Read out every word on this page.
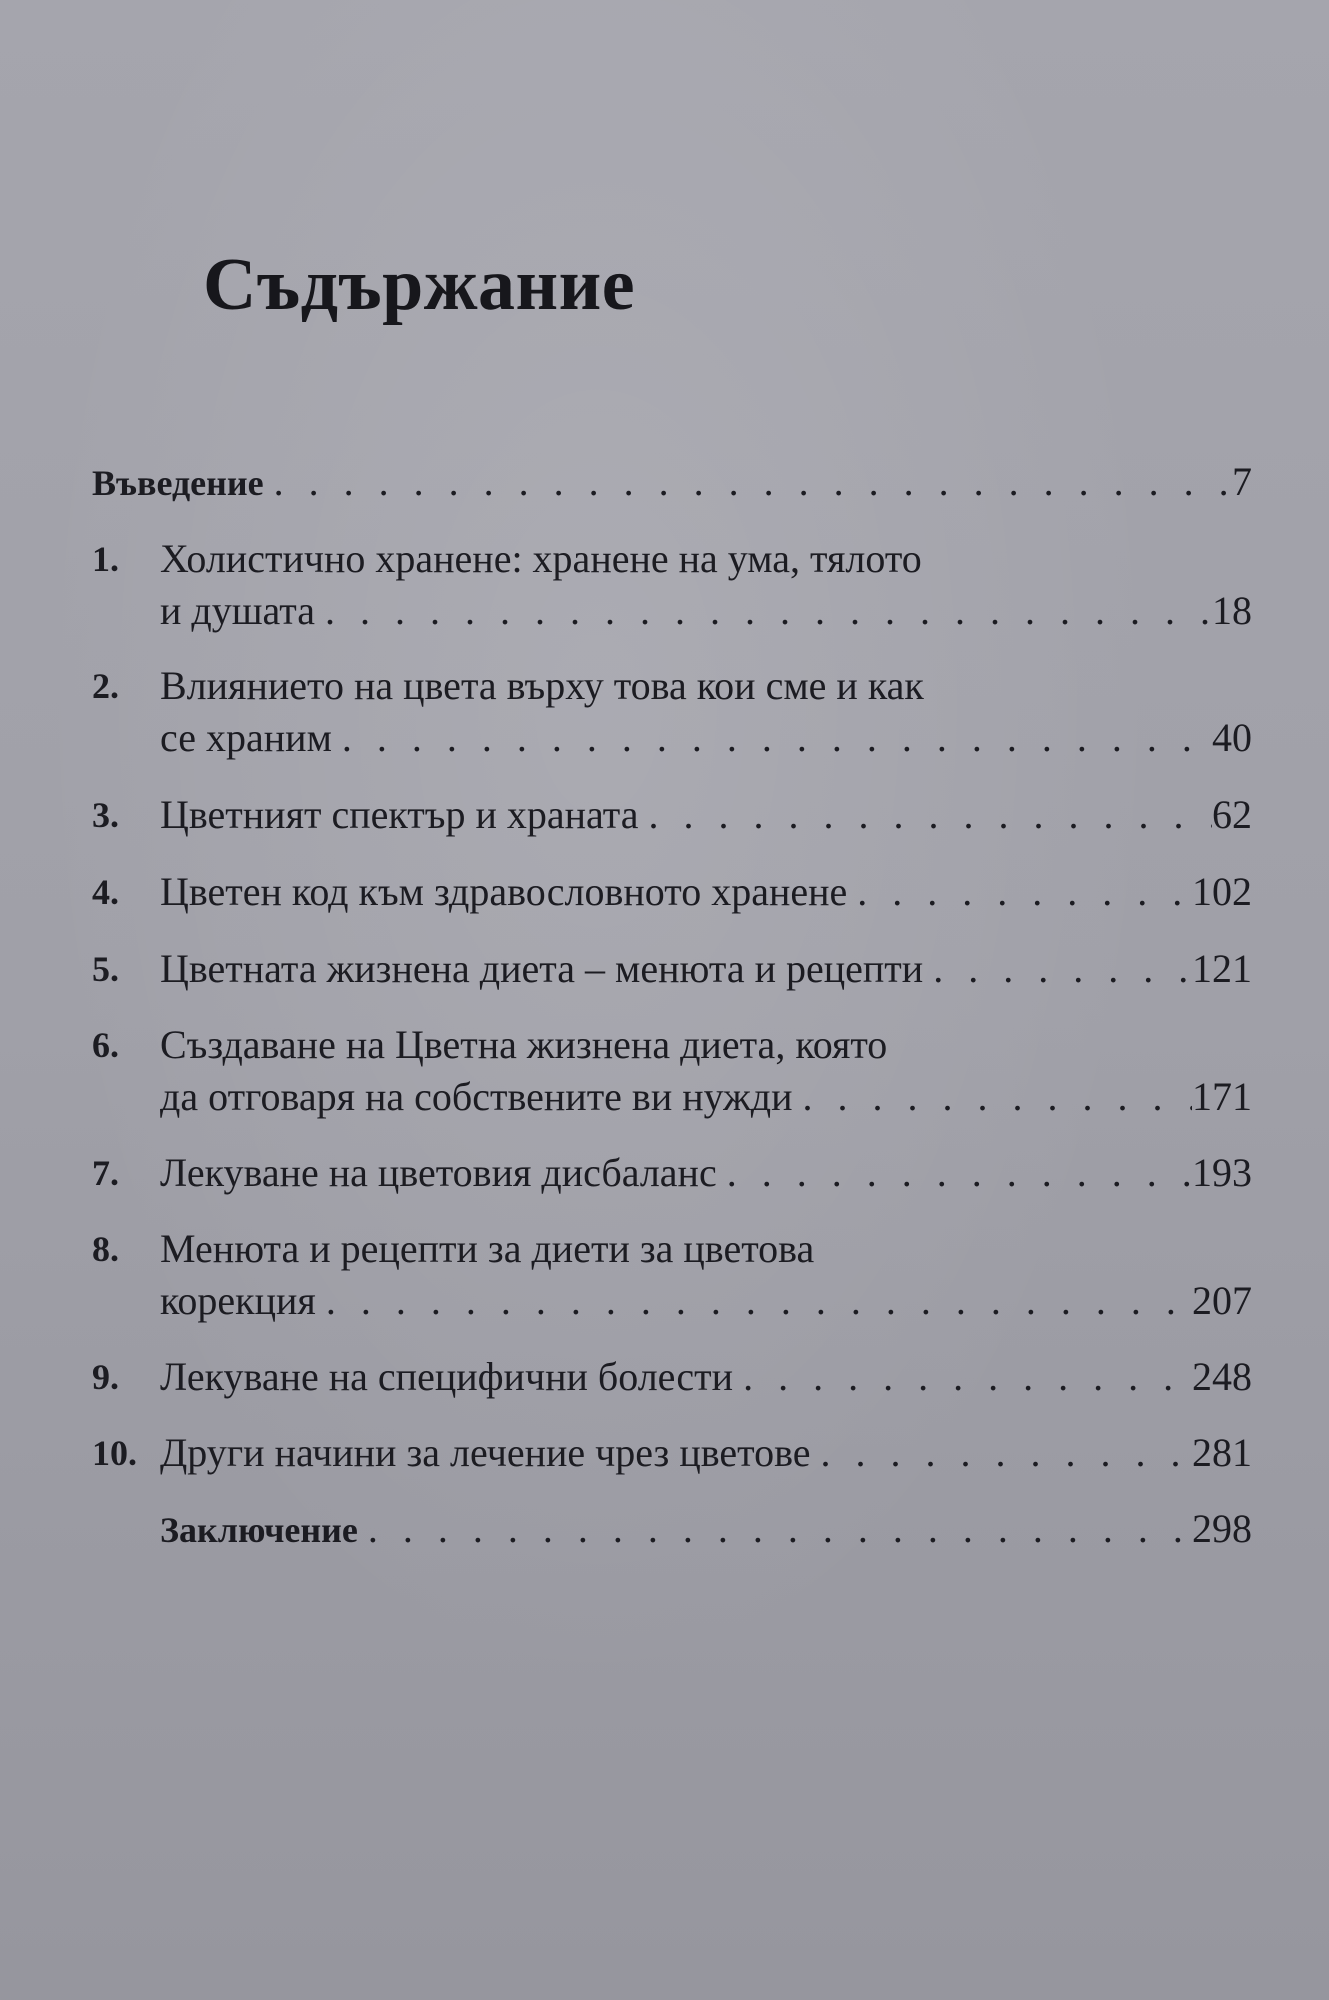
Съдържание
Въведение . . .	7
1.	Холистично хранене: хранене на ума, тялото
и душата . . .	18
2.	Влиянието на цвета върху това кои сме и как
се храним . . .	40
3.	Цветният спектър и храната . . .	62
4.	Цветен код към здравословното хранене . . .	102
5.	Цветната жизнена диета – менюта и рецепти . . .	121
6.	Създаване на Цветна жизнена диета, която
да отговаря на собствените ви нужди . . .	171
7.	Лекуване на цветовия дисбаланс . . .	193
8.	Менюта и рецепти за диети за цветова
корекция . . .	207
9.	Лекуване на специфични болести . . .	248
10. Други начини за лечение чрез цветове . . .	281
Заключение . . .	298
